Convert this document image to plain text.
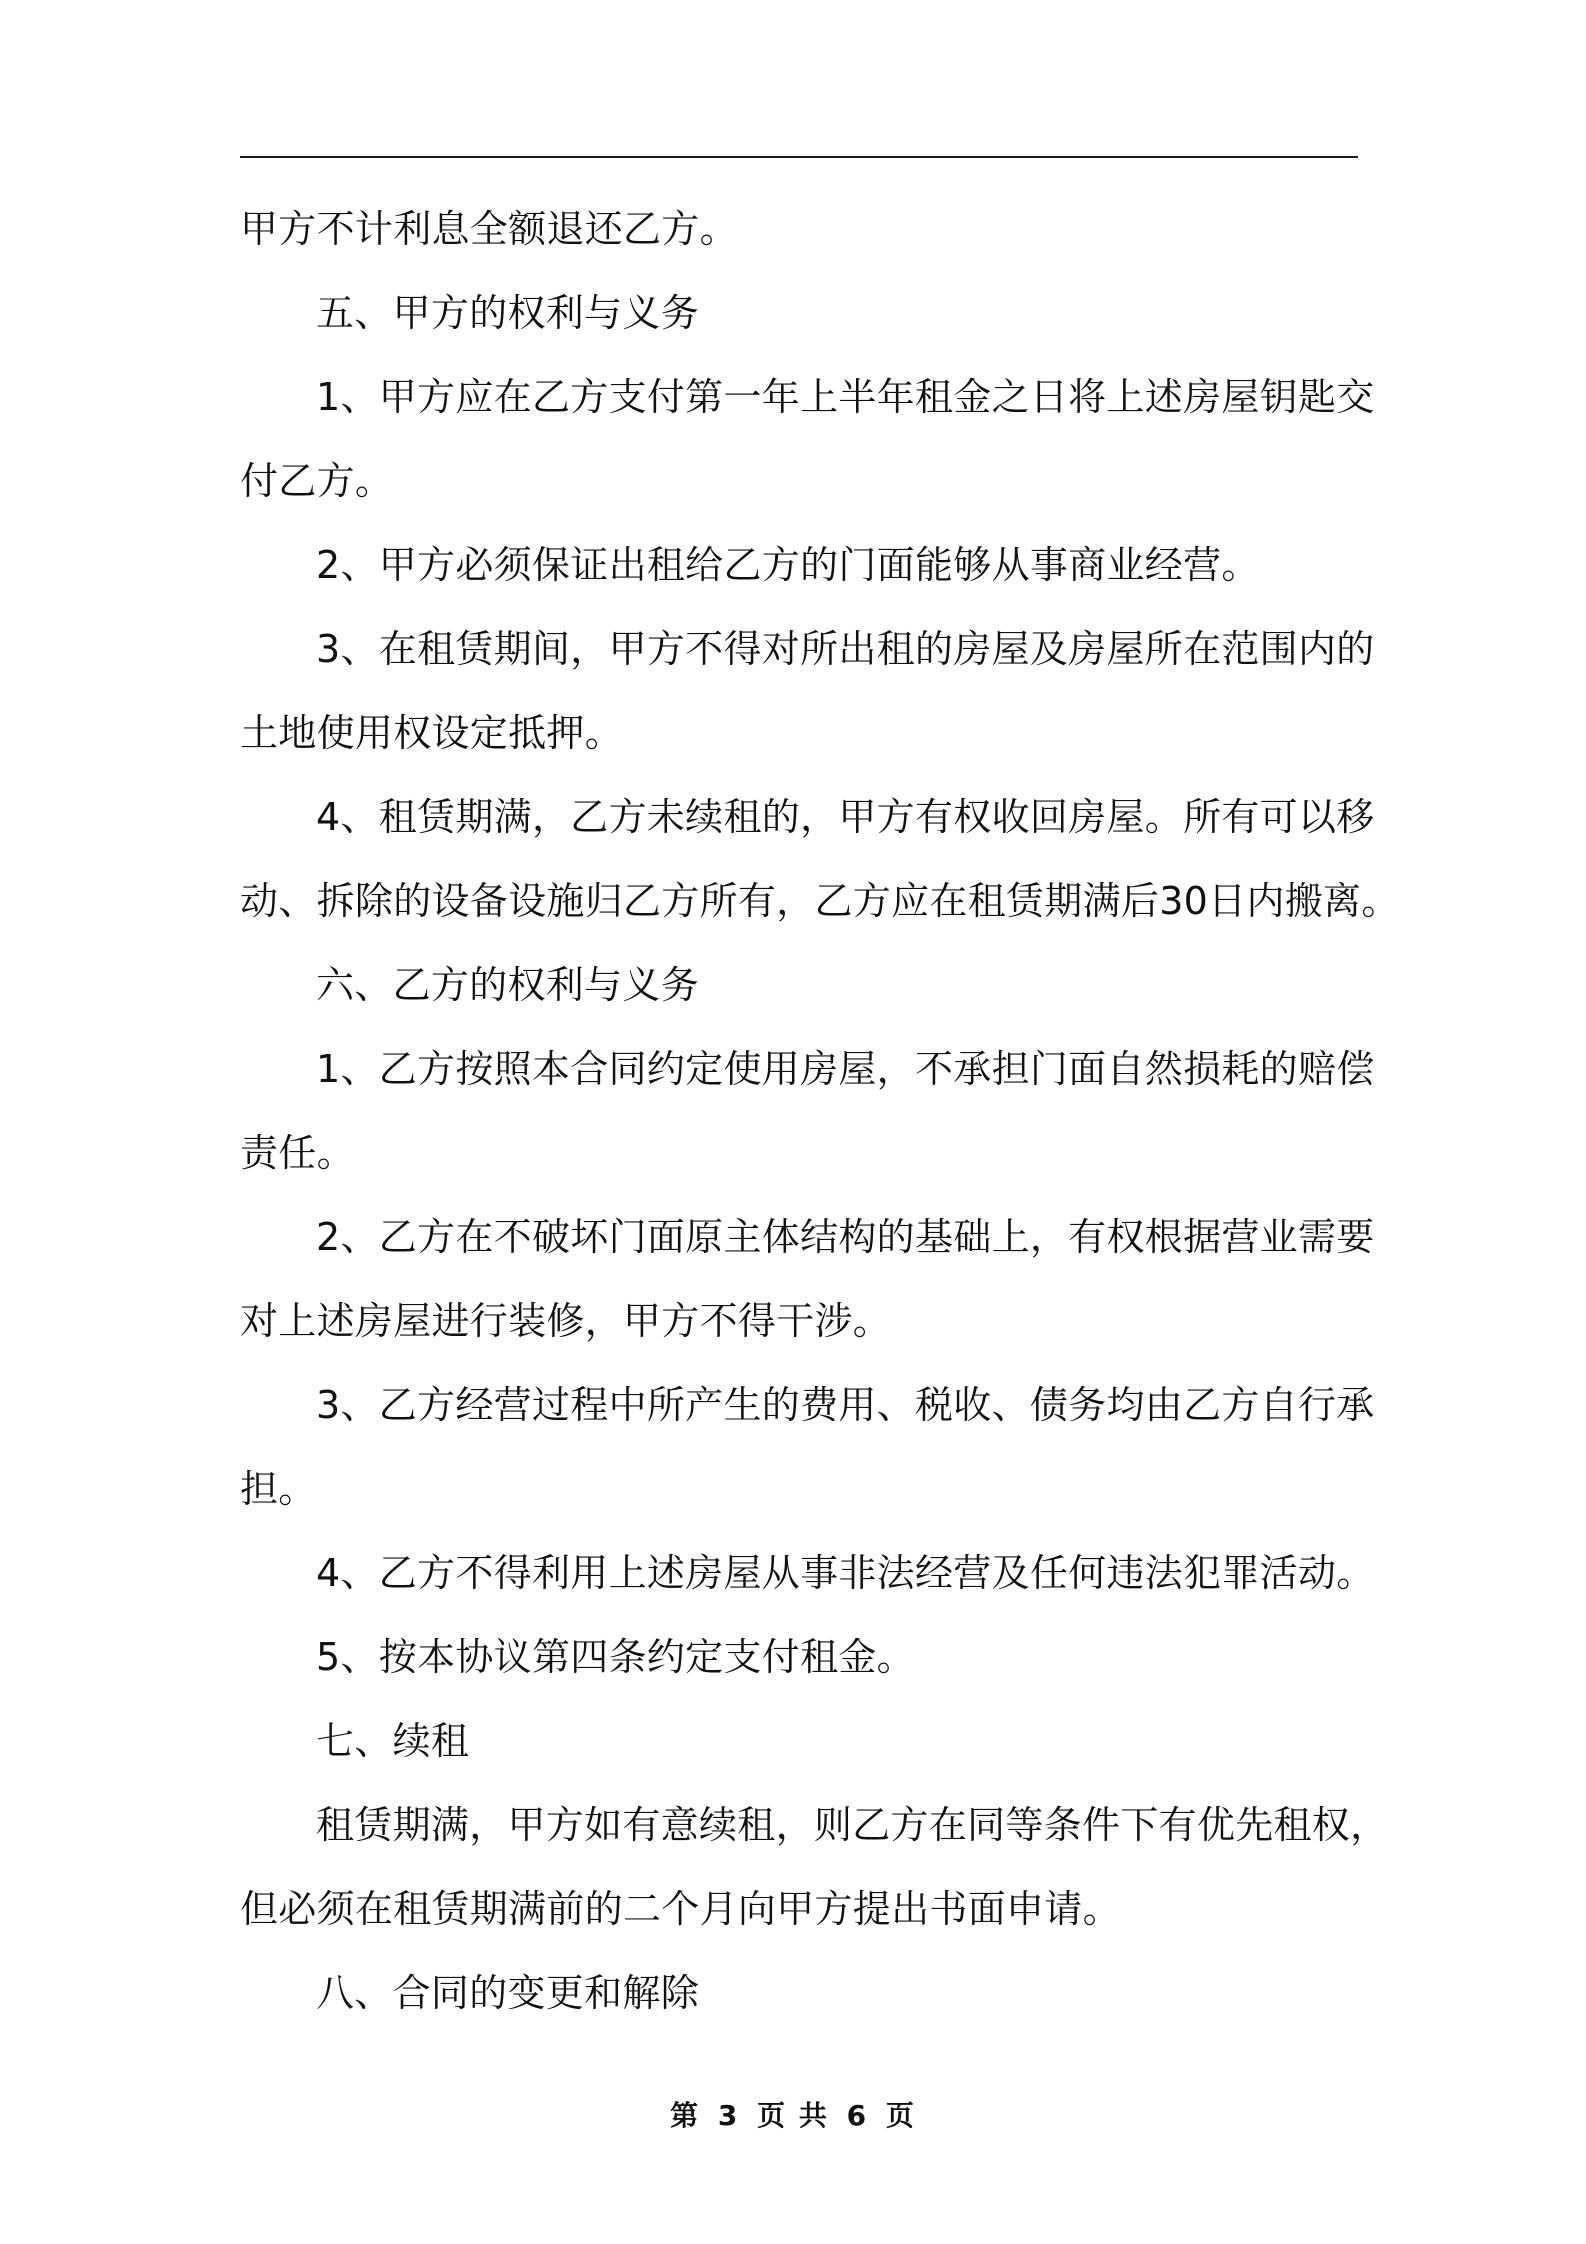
甲方不计利息全额退还乙方。
五、甲方的权利与义务
1、甲方应在乙方支付第一年上半年租金之日将上述房屋钥匙交
付乙方。
2、甲方必须保证出租给乙方的门面能够从事商业经营。
3、在租赁期间，甲方不得对所出租的房屋及房屋所在范围内的
土地使用权设定抵押。
4、租赁期满，乙方未续租的，甲方有权收回房屋。所有可以移
动、拆除的设备设施归乙方所有，乙方应在租赁期满后30日内搬离。
六、乙方的权利与义务
1、乙方按照本合同约定使用房屋，不承担门面自然损耗的赔偿
责任。
2、乙方在不破坏门面原主体结构的基础上，有权根据营业需要
对上述房屋进行装修，甲方不得干涉。
3、乙方经营过程中所产生的费用、税收、债务均由乙方自行承
担。
4、乙方不得利用上述房屋从事非法经营及任何违法犯罪活动。
5、按本协议第四条约定支付租金。
七、续租
租赁期满，甲方如有意续租，则乙方在同等条件下有优先租权，
但必须在租赁期满前的二个月向甲方提出书面申请。
八、合同的变更和解除
第 3 页 共 6 页
